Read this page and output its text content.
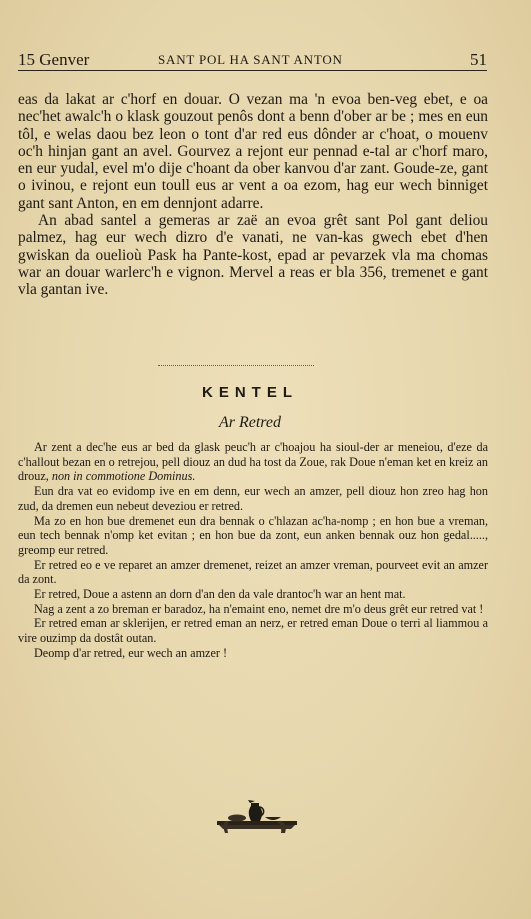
15 Genver	SANT POL HA SANT ANTON	51

eas da lakat ar c'horf en douar. O vezan ma 'n evoa ben-veg ebet, e oa nec'het awalc'h o klask gouzout penôs dont a benn d'ober ar be ; mes en eun tôl, e welas daou bez leon o tont d'ar red eus dônder ar c'hoat, o mouenv oc'h hinjan gant an avel. Gourvez a rejont eur pennad e-tal ar c'horf maro, en eur yudal, evel m'o dije c'hoant da ober kanvou d'ar zant. Goude-ze, gant o ivinou, e rejont eun toull eus ar vent a oa ezom, hag eur wech binniget gant sant Anton, en em dennjont adarre.

An abad santel a gemeras ar zaë an evoa grêt sant Pol gant deliou palmez, hag eur wech dizro d'e vanati, ne van-kas gwech ebet d'hen gwiskan da ouelioù Pask ha Pante-kost, epad ar pevarzek vla ma chomas war an douar warlerc'h e vignon. Mervel a reas er bla 356, tremenet e gant vla gantan ive.

KENTEL
Ar Retred

Ar zent a dec'he eus ar bed da glask peuc'h ar c'hoajou ha sioul-der ar meneiou, d'eze da c'hallout bezan en o retrejou, pell diouz an dud ha tost da Zoue, rak Doue n'eman ket en kreiz an drouz, non in commotione Dominus.

Eun dra vat eo evidomp ive en em denn, eur wech an amzer, pell diouz hon zreo hag hon zud, da dremen eun nebeut deveziou er retred.

Ma zo en hon bue dremenet eun dra bennak o c'hlazan ac'ha-nomp ; en hon bue a vreman, eun tech bennak n'omp ket evitan ; en hon bue da zont, eun anken bennak ouz hon gedal....., greomp eur retred.

Er retred eo e ve reparet an amzer dremenet, reizet an amzer vreman, pourveet evit an amzer da zont.

Er retred, Doue a astenn an dorn d'an den da vale drantoc'h war an hent mat.

Nag a zent a zo breman er baradoz, ha n'emaint eno, nemet dre m'o deus grêt eur retred vat !

Er retred eman ar sklerijen, er retred eman an nerz, er retred eman Doue o terri al liammou a vire ouzimp da dostât outan.

Deomp d'ar retred, eur wech an amzer !
